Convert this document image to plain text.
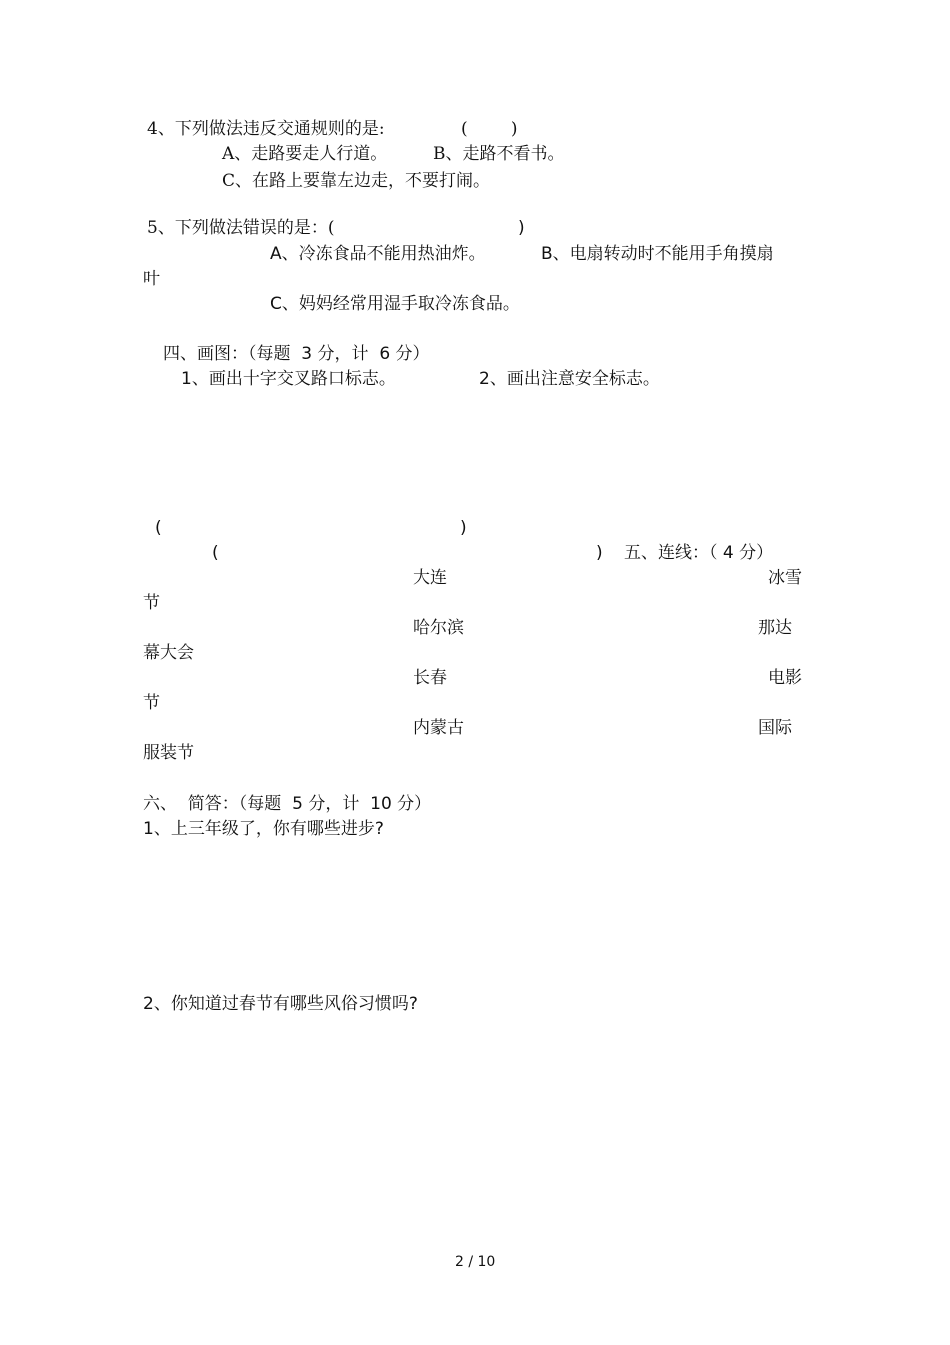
4、下列做法违反交通规则的是:	(        )
A、走路要走人行道。	B、走路不看书。
C、在路上要靠左边走，不要打闹。
5、下列做法错误的是：(	)
A、冷冻食品不能用热油炸。	B、电扇转动时不能用手角摸扇
叶
C、妈妈经常用湿手取冷冻食品。
四、画图：（每题  3 分，计  6 分）
1、画出十字交叉路口标志。	2、画出注意安全标志。
(	)
(	) 五、连线：（ 4 分）
大连	冰雪
节
哈尔滨	那达
幕大会
长春	电影
节
内蒙古	国际
服装节
六、  简答：（每题  5 分，计  10 分）
1、上三年级了，你有哪些进步?
2、你知道过春节有哪些风俗习惯吗?
2 / 10
